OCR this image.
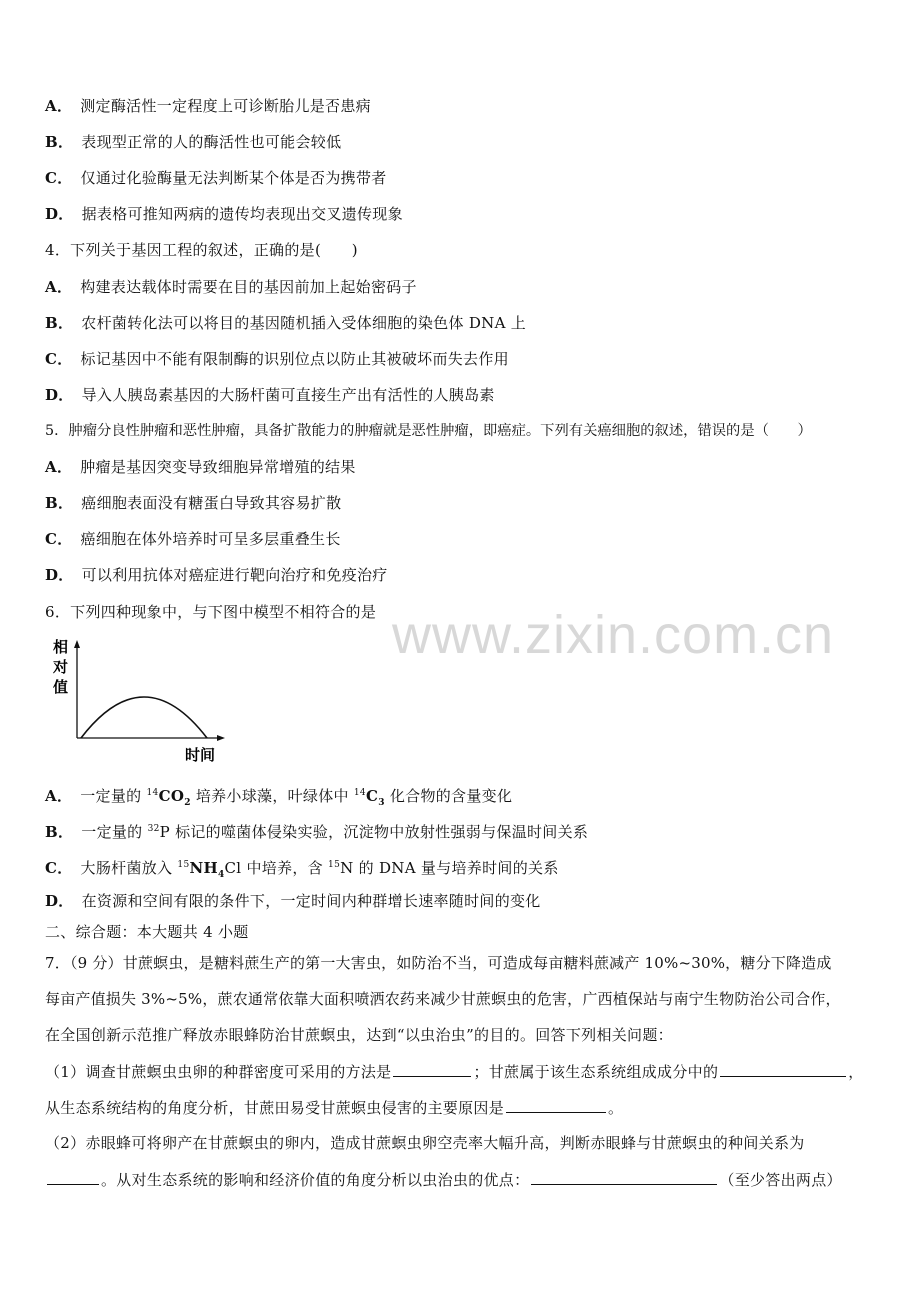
A． 测定酶活性一定程度上可诊断胎儿是否患病
B． 表现型正常的人的酶活性也可能会较低
C． 仅通过化验酶量无法判断某个体是否为携带者
D． 据表格可推知两病的遗传均表现出交叉遗传现象
4．下列关于基因工程的叙述，正确的是(　　)
A． 构建表达载体时需要在目的基因前加上起始密码子
B． 农杆菌转化法可以将目的基因随机插入受体细胞的染色体 DNA 上
C． 标记基因中不能有限制酶的识别位点以防止其被破坏而失去作用
D． 导入人胰岛素基因的大肠杆菌可直接生产出有活性的人胰岛素
5．肿瘤分良性肿瘤和恶性肿瘤，具备扩散能力的肿瘤就是恶性肿瘤，即癌症。下列有关癌细胞的叙述，错误的是（　　）
A． 肿瘤是基因突变导致细胞异常增殖的结果
B． 癌细胞表面没有糖蛋白导致其容易扩散
C． 癌细胞在体外培养时可呈多层重叠生长
D． 可以利用抗体对癌症进行靶向治疗和免疫治疗
6．下列四种现象中，与下图中模型不相符合的是 www.zixin.com.cn
相
对
值
时间
A． 一定量的 $^{14}CO_2$ 培养小球藻，叶绿体中 $^{14}C_3$ 化合物的含量变化
B． 一定量的 $^{32}$P 标记的噬菌体侵染实验，沉淀物中放射性强弱与保温时间关系
C． 大肠杆菌放入 $^{15}NH_4Cl$ 中培养，含 $^{15}$N 的 DNA 量与培养时间的关系
D． 在资源和空间有限的条件下，一定时间内种群增长速率随时间的变化
二、综合题：本大题共 4 小题
7．（9 分）甘蔗螟虫，是糖料蔗生产的第一大害虫，如防治不当，可造成每亩糖料蔗减产 10%~30%，糖分下降造成
每亩产值损失 3%~5%，蔗农通常依靠大面积喷洒农药来减少甘蔗螟虫的危害，广西植保站与南宁生物防治公司合作，
在全国创新示范推广释放赤眼蜂防治甘蔗螟虫，达到“以虫治虫”的目的。回答下列相关问题：
（1）调查甘蔗螟虫虫卵的种群密度可采用的方法是	；甘蔗属于该生态系统组成成分中的	，
从生态系统结构的角度分析，甘蔗田易受甘蔗螟虫侵害的主要原因是	。
（2）赤眼蜂可将卵产在甘蔗螟虫的卵内，造成甘蔗螟虫卵空壳率大幅升高，判断赤眼蜂与甘蔗螟虫的种间关系为
。从对生态系统的影响和经济价值的角度分析以虫治虫的优点：	（至少答出两点）
